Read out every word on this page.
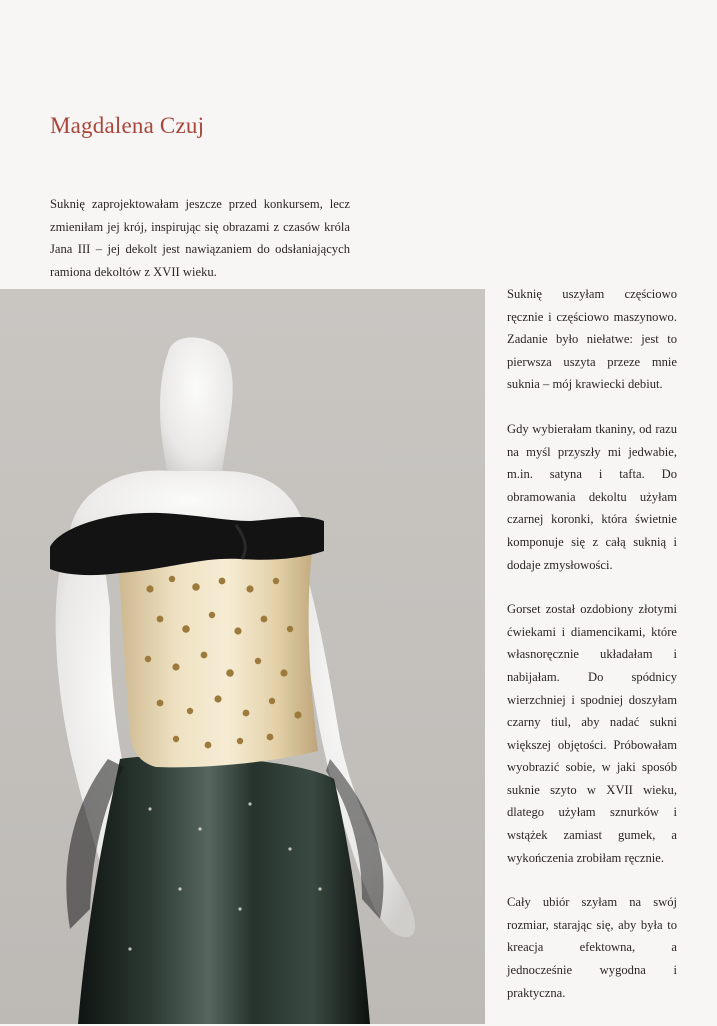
Magdalena Czuj

Suknię zaprojektowałam jeszcze przed konkursem, lecz zmieniłam jej krój, inspirując się obrazami z czasów króla Jana III – jej dekolt jest nawiązaniem do odsłaniających ramiona dekoltów z XVII wieku.

Suknię uszyłam częściowo ręcznie i częściowo maszynowo. Zadanie było niełatwe: jest to pierwsza uszyta przeze mnie suknia – mój krawiecki debiut.

Gdy wybierałam tkaniny, od razu na myśl przyszły mi jedwabie, m.in. satyna i tafta. Do obramowania dekoltu użyłam czarnej koronki, która świetnie komponuje się z całą suknią i dodaje zmysłowości.

Gorset został ozdobiony złotymi ćwiekami i diamencikami, które własnoręcznie układałam i nabijałam. Do spódnicy wierzchniej i spodniej doszyłam czarny tiul, aby nadać sukni większej objętości. Próbowałam wyobrazić sobie, w jaki sposób suknie szyto w XVII wieku, dlatego użyłam sznurków i wstążek zamiast gumek, a wykończenia zrobiłam ręcznie.

Cały ubiór szyłam na swój rozmiar, starając się, aby była to kreacja efektowna, a jednocześnie wygodna i praktyczna.
